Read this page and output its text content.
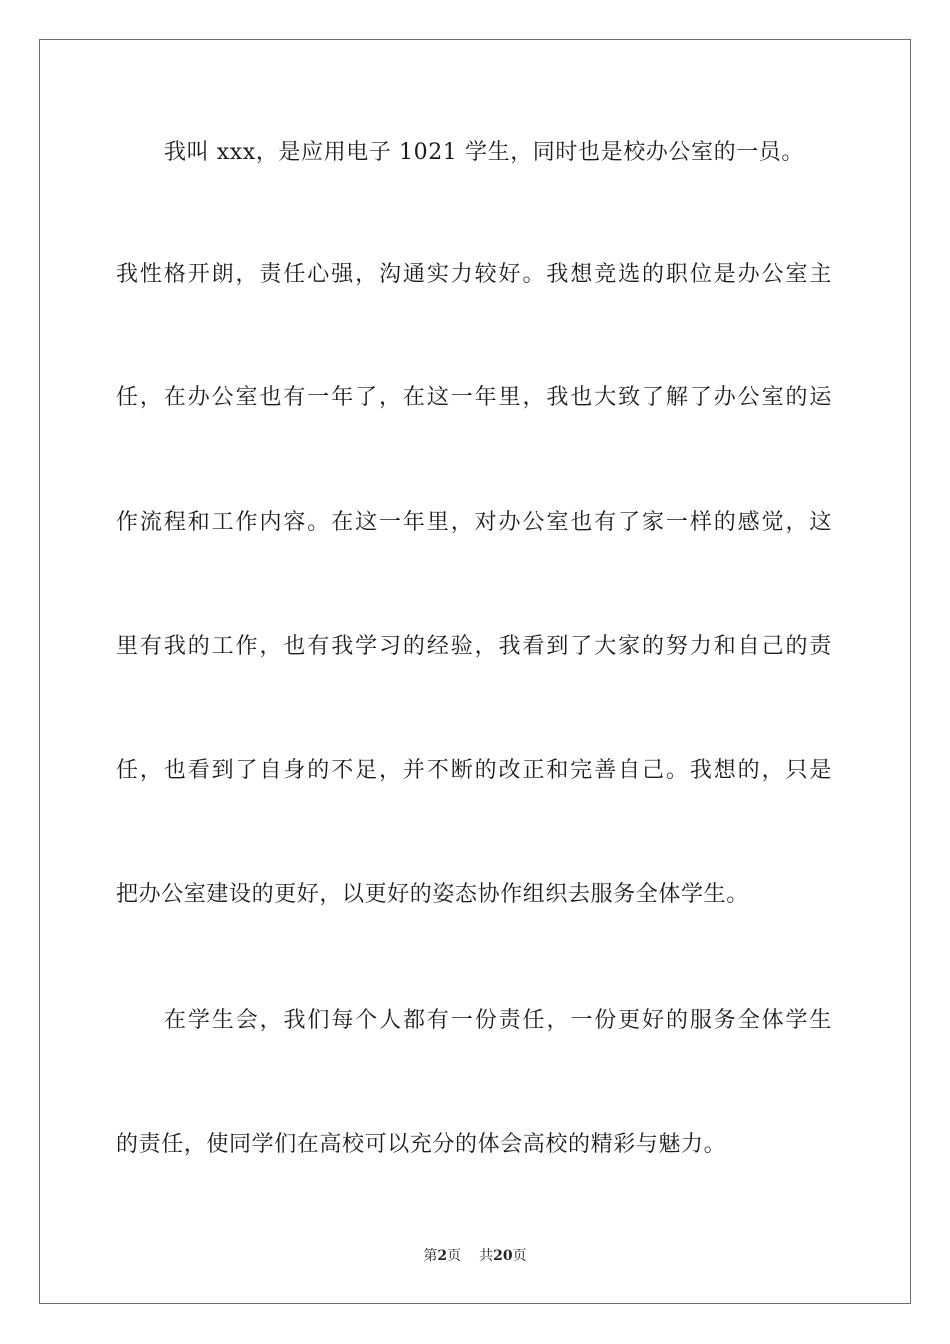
我叫 xxx，是应用电子 1021 学生，同时也是校办公室的一员。
我性格开朗，责任心强，沟通实力较好。我想竞选的职位是办公室主
任，在办公室也有一年了，在这一年里，我也大致了解了办公室的运
作流程和工作内容。在这一年里，对办公室也有了家一样的感觉，这
里有我的工作，也有我学习的经验，我看到了大家的努力和自己的责
任，也看到了自身的不足，并不断的改正和完善自己。我想的，只是
把办公室建设的更好，以更好的姿态协作组织去服务全体学生。
在学生会，我们每个人都有一份责任，一份更好的服务全体学生
的责任，使同学们在高校可以充分的体会高校的精彩与魅力。
第2页 共20页
